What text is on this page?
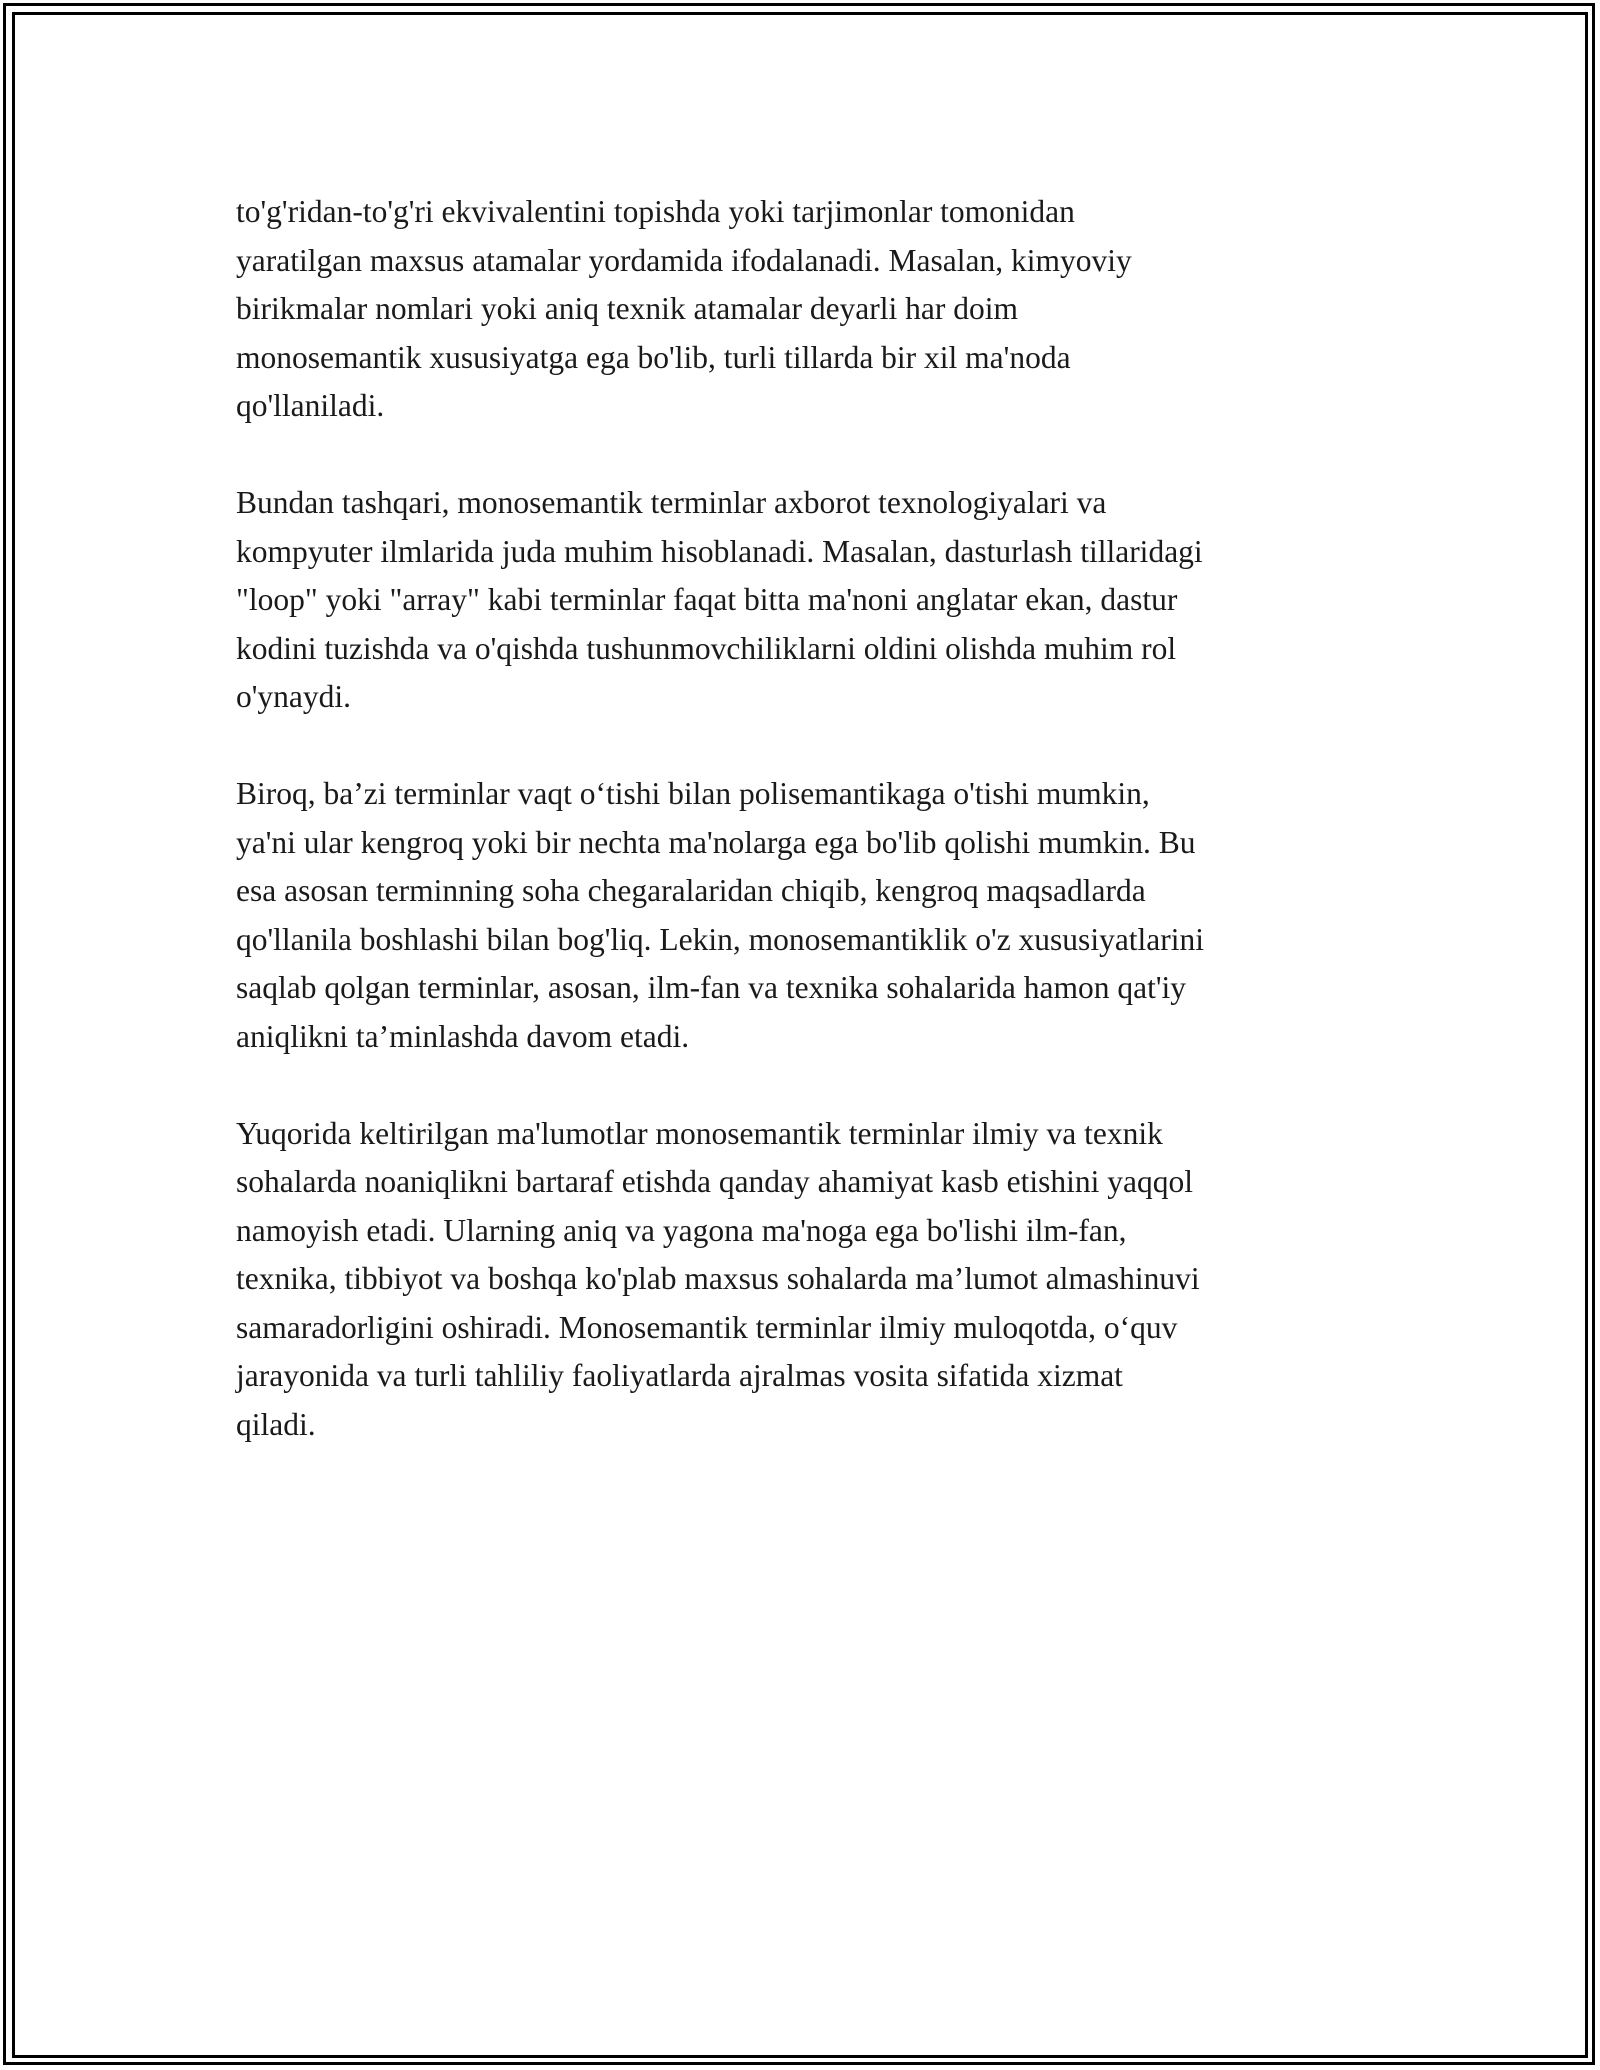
to'g'ridan-to'g'ri ekvivalentini topishda yoki tarjimonlar tomonidan
yaratilgan maxsus atamalar yordamida ifodalanadi. Masalan, kimyoviy
birikmalar nomlari yoki aniq texnik atamalar deyarli har doim
monosemantik xususiyatga ega bo'lib, turli tillarda bir xil ma'noda
qo'llaniladi.

Bundan tashqari, monosemantik terminlar axborot texnologiyalari va
kompyuter ilmlarida juda muhim hisoblanadi. Masalan, dasturlash tillaridagi
"loop" yoki "array" kabi terminlar faqat bitta ma'noni anglatar ekan, dastur
kodini tuzishda va o'qishda tushunmovchiliklarni oldini olishda muhim rol
o'ynaydi.

Biroq, ba’zi terminlar vaqt o‘tishi bilan polisemantikaga o'tishi mumkin,
ya'ni ular kengroq yoki bir nechta ma'nolarga ega bo'lib qolishi mumkin. Bu
esa asosan terminning soha chegaralaridan chiqib, kengroq maqsadlarda
qo'llanila boshlashi bilan bog'liq. Lekin, monosemantiklik o'z xususiyatlarini
saqlab qolgan terminlar, asosan, ilm-fan va texnika sohalarida hamon qat'iy
aniqlikni ta’minlashda davom etadi.

Yuqorida keltirilgan ma'lumotlar monosemantik terminlar ilmiy va texnik
sohalarda noaniqlikni bartaraf etishda qanday ahamiyat kasb etishini yaqqol
namoyish etadi. Ularning aniq va yagona ma'noga ega bo'lishi ilm-fan,
texnika, tibbiyot va boshqa ko'plab maxsus sohalarda ma’lumot almashinuvi
samaradorligini oshiradi. Monosemantik terminlar ilmiy muloqotda, o‘quv
jarayonida va turli tahliliy faoliyatlarda ajralmas vosita sifatida xizmat
qiladi.
